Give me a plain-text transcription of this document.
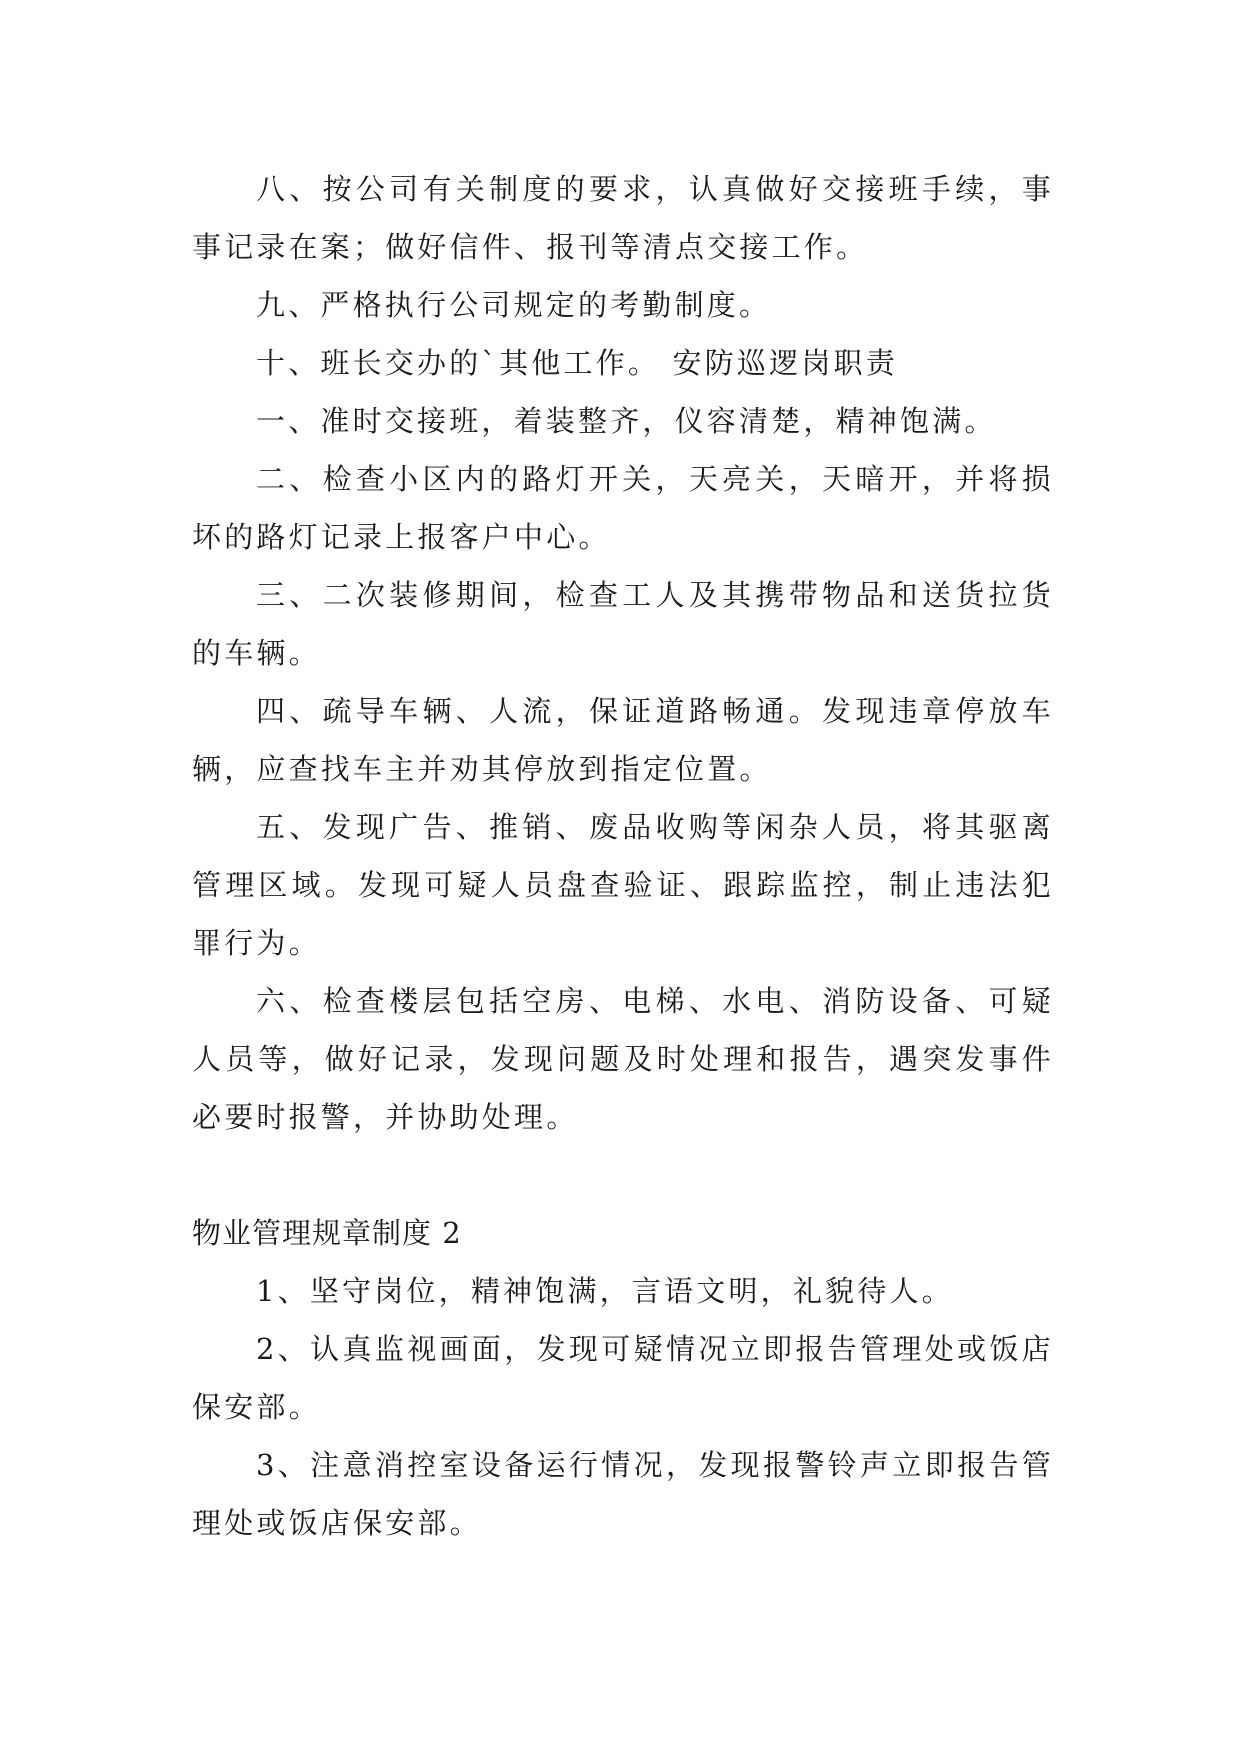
八、按公司有关制度的要求，认真做好交接班手续，事事记录在案；做好信件、报刊等清点交接工作。

九、严格执行公司规定的考勤制度。

十、班长交办的`其他工作。 安防巡逻岗职责

一、准时交接班，着装整齐，仪容清楚，精神饱满。

二、检查小区内的路灯开关，天亮关，天暗开，并将损坏的路灯记录上报客户中心。

三、二次装修期间，检查工人及其携带物品和送货拉货的车辆。

四、疏导车辆、人流，保证道路畅通。发现违章停放车辆，应查找车主并劝其停放到指定位置。

五、发现广告、推销、废品收购等闲杂人员，将其驱离管理区域。发现可疑人员盘查验证、跟踪监控，制止违法犯罪行为。

六、检查楼层包括空房、电梯、水电、消防设备、可疑人员等，做好记录，发现问题及时处理和报告，遇突发事件必要时报警，并协助处理。

物业管理规章制度 2

1、坚守岗位，精神饱满，言语文明，礼貌待人。

2、认真监视画面，发现可疑情况立即报告管理处或饭店保安部。

3、注意消控室设备运行情况，发现报警铃声立即报告管理处或饭店保安部。
